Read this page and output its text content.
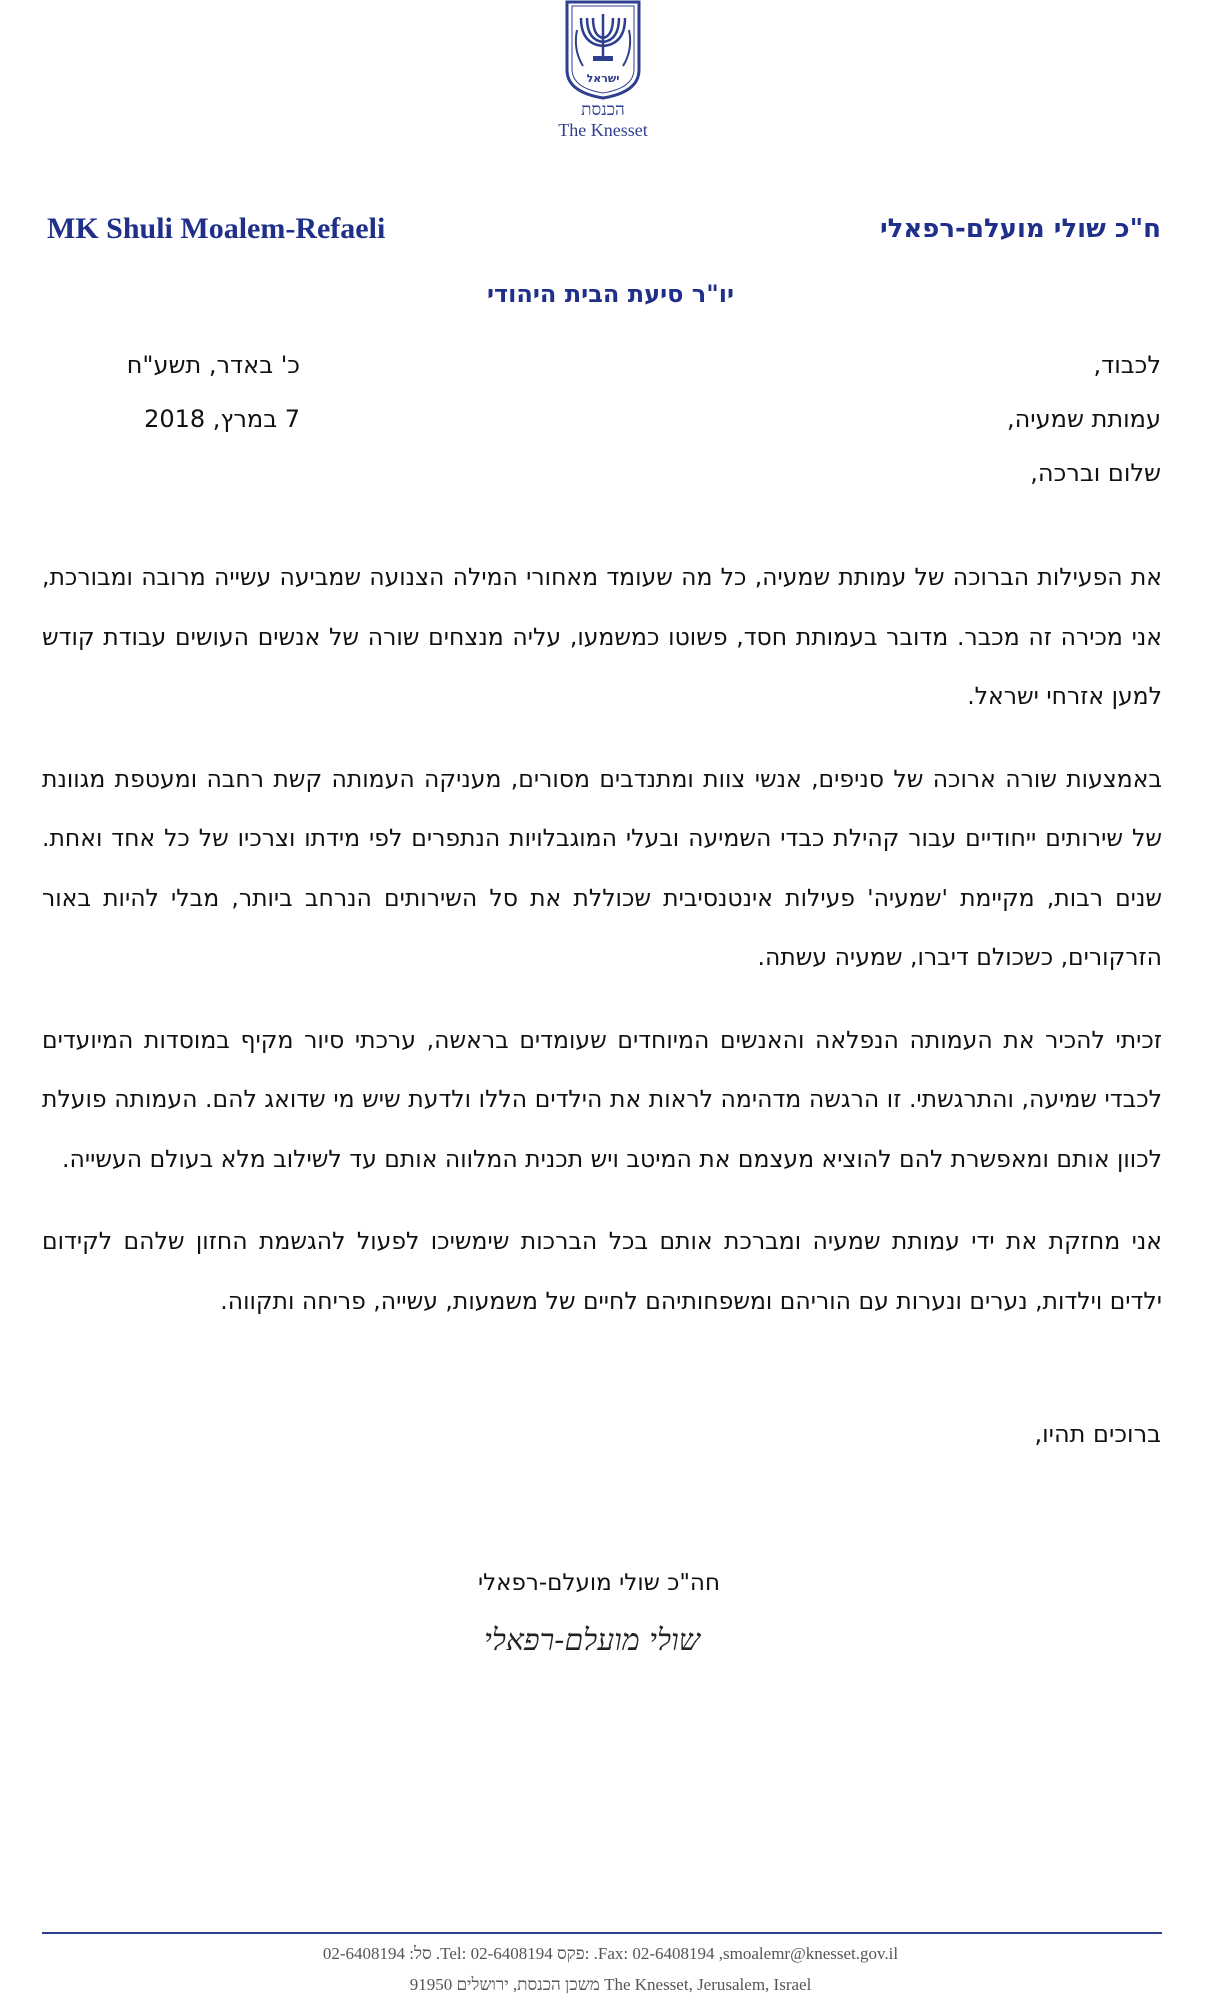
ישראל
הכנסת
The Knesset
MK Shuli Moalem-Refaeli	ח"כ שולי מועלם-רפאלי
יו"ר סיעת הבית היהודי
לכבוד,
עמותת שמעיה,
שלום וברכה,
כ' באדר, תשע"ח
7 במרץ, 2018

את הפעילות הברוכה של עמותת שמעיה, כל מה שעומד מאחורי המילה הצנועה שמביעה עשייה מרובה ומבורכת, אני מכירה זה מכבר. מדובר בעמותת חסד, פשוטו כמשמעו, עליה מנצחים שורה של אנשים העושים עבודת קודש למען אזרחי ישראל.

באמצעות שורה ארוכה של סניפים, אנשי צוות ומתנדבים מסורים, מעניקה העמותה קשת רחבה ומעטפת מגוונת של שירותים ייחודיים עבור קהילת כבדי השמיעה ובעלי המוגבלויות הנתפרים לפי מידתו וצרכיו של כל אחד ואחת. שנים רבות, מקיימת 'שמעיה' פעילות אינטנסיבית שכוללת את סל השירותים הנרחב ביותר, מבלי להיות באור הזרקורים, כשכולם דיברו, שמעיה עשתה.

זכיתי להכיר את העמותה הנפלאה והאנשים המיוחדים שעומדים בראשה, ערכתי סיור מקיף במוסדות המיועדים לכבדי שמיעה, והתרגשתי. זו הרגשה מדהימה לראות את הילדים הללו ולדעת שיש מי שדואג להם. העמותה פועלת לכוון אותם ומאפשרת להם להוציא מעצמם את המיטב ויש תכנית המלווה אותם עד לשילוב מלא בעולם העשייה.

אני מחזקת את ידי עמותת שמעיה ומברכת אותם בכל הברכות שימשיכו לפעול להגשמת החזון שלהם לקידום ילדים וילדות, נערים ונערות עם הוריהם ומשפחותיהם לחיים של משמעות, עשייה, פריחה ותקווה.

ברוכים תהיו,
חה"כ שולי מועלם-רפאלי
שולי מועלם-רפאלי
סל: 02-6408194 .Tel: 02-6408194 פקס: .Fax: 02-6408194 ,smoalemr@knesset.gov.il
משכן הכנסת, ירושלים 91950 The Knesset, Jerusalem, Israel
